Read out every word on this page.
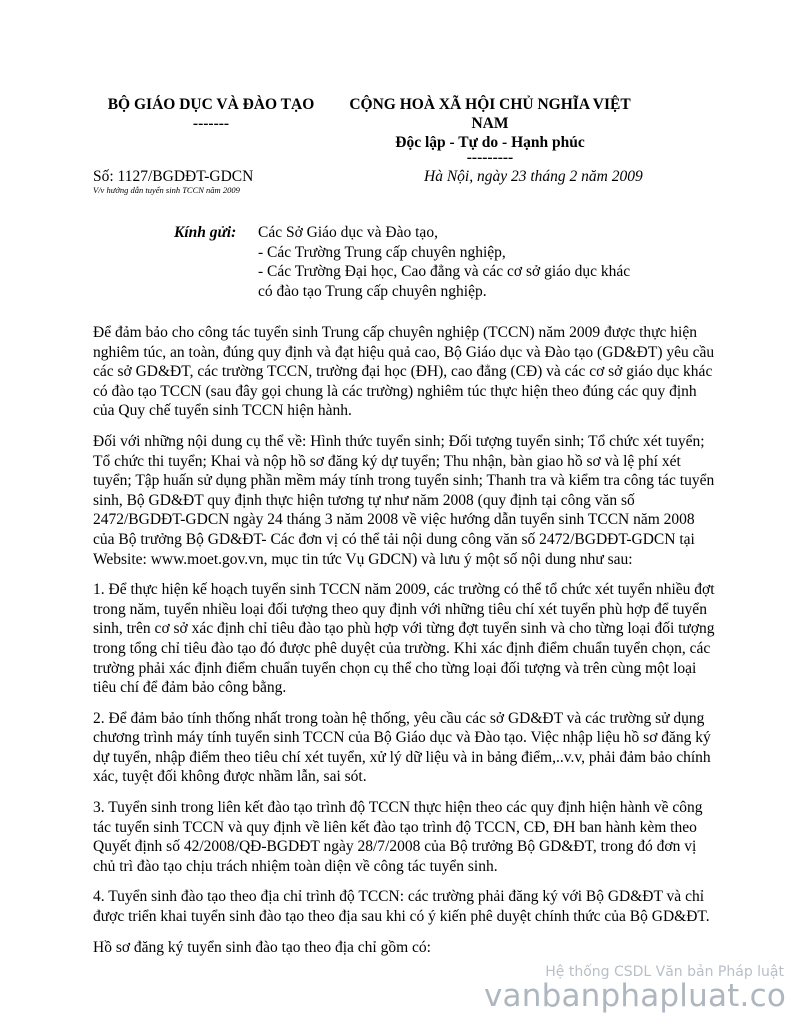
BỘ GIÁO DỤC VÀ ĐÀO TẠO
-------
CỘNG HOÀ XÃ HỘI CHỦ NGHĨA VIỆT
NAM
Độc lập - Tự do - Hạnh phúc
---------
Số: 1127/BGDĐT-GDCN
V/v hướng dẫn tuyển sinh TCCN năm 2009
Hà Nội, ngày 23 tháng 2 năm 2009
Kính gửi: Các Sở Giáo dục và Đào tạo,
- Các Trường Trung cấp chuyên nghiệp,
- Các Trường Đại học, Cao đẳng và các cơ sở giáo dục khác
có đào tạo Trung cấp chuyên nghiệp.

Để đảm bảo cho công tác tuyển sinh Trung cấp chuyên nghiệp (TCCN) năm 2009 được thực hiện nghiêm túc, an toàn, đúng quy định và đạt hiệu quả cao, Bộ Giáo dục và Đào tạo (GD&ĐT) yêu cầu các sở GD&ĐT, các trường TCCN, trường đại học (ĐH), cao đẳng (CĐ) và các cơ sở giáo dục khác có đào tạo TCCN (sau đây gọi chung là các trường) nghiêm túc thực hiện theo đúng các quy định của Quy chế tuyển sinh TCCN hiện hành.

Đối với những nội dung cụ thể về: Hình thức tuyển sinh; Đối tượng tuyển sinh; Tổ chức xét tuyển; Tổ chức thi tuyển; Khai và nộp hồ sơ đăng ký dự tuyển; Thu nhận, bàn giao hồ sơ và lệ phí xét tuyển; Tập huấn sử dụng phần mềm máy tính trong tuyển sinh; Thanh tra và kiểm tra công tác tuyển sinh, Bộ GD&ĐT quy định thực hiện tương tự như năm 2008 (quy định tại công văn số 2472/BGDĐT-GDCN ngày 24 tháng 3 năm 2008 về việc hướng dẫn tuyển sinh TCCN năm 2008 của Bộ trưởng Bộ GD&ĐT- Các đơn vị có thể tải nội dung công văn số 2472/BGDĐT-GDCN tại Website: www.moet.gov.vn, mục tin tức Vụ GDCN) và lưu ý một số nội dung như sau:

1. Để thực hiện kế hoạch tuyển sinh TCCN năm 2009, các trường có thể tổ chức xét tuyển nhiều đợt trong năm, tuyển nhiều loại đối tượng theo quy định với những tiêu chí xét tuyển phù hợp để tuyển sinh, trên cơ sở xác định chỉ tiêu đào tạo phù hợp với từng đợt tuyển sinh và cho từng loại đối tượng trong tổng chỉ tiêu đào tạo đó được phê duyệt của trường. Khi xác định điểm chuẩn tuyển chọn, các trường phải xác định điểm chuẩn tuyển chọn cụ thể cho từng loại đối tượng và trên cùng một loại tiêu chí để đảm bảo công bằng.

2. Để đảm bảo tính thống nhất trong toàn hệ thống, yêu cầu các sở GD&ĐT và các trường sử dụng chương trình máy tính tuyển sinh TCCN của Bộ Giáo dục và Đào tạo. Việc nhập liệu hồ sơ đăng ký dự tuyển, nhập điểm theo tiêu chí xét tuyển, xử lý dữ liệu và in bảng điểm,..v.v, phải đảm bảo chính xác, tuyệt đối không được nhầm lẫn, sai sót.

3. Tuyển sinh trong liên kết đào tạo trình độ TCCN thực hiện theo các quy định hiện hành về công tác tuyển sinh TCCN và quy định về liên kết đào tạo trình độ TCCN, CĐ, ĐH ban hành kèm theo Quyết định số 42/2008/QĐ-BGDĐT ngày 28/7/2008 của Bộ trưởng Bộ GD&ĐT, trong đó đơn vị chủ trì đào tạo chịu trách nhiệm toàn diện về công tác tuyển sinh.

4. Tuyển sinh đào tạo theo địa chỉ trình độ TCCN: các trường phải đăng ký với Bộ GD&ĐT và chỉ được triển khai tuyển sinh đào tạo theo địa sau khi có ý kiến phê duyệt chính thức của Bộ GD&ĐT.

Hồ sơ đăng ký tuyển sinh đào tạo theo địa chỉ gồm có:

Hệ thống CSDL Văn bản Pháp luật
vanbanphapluat.co
